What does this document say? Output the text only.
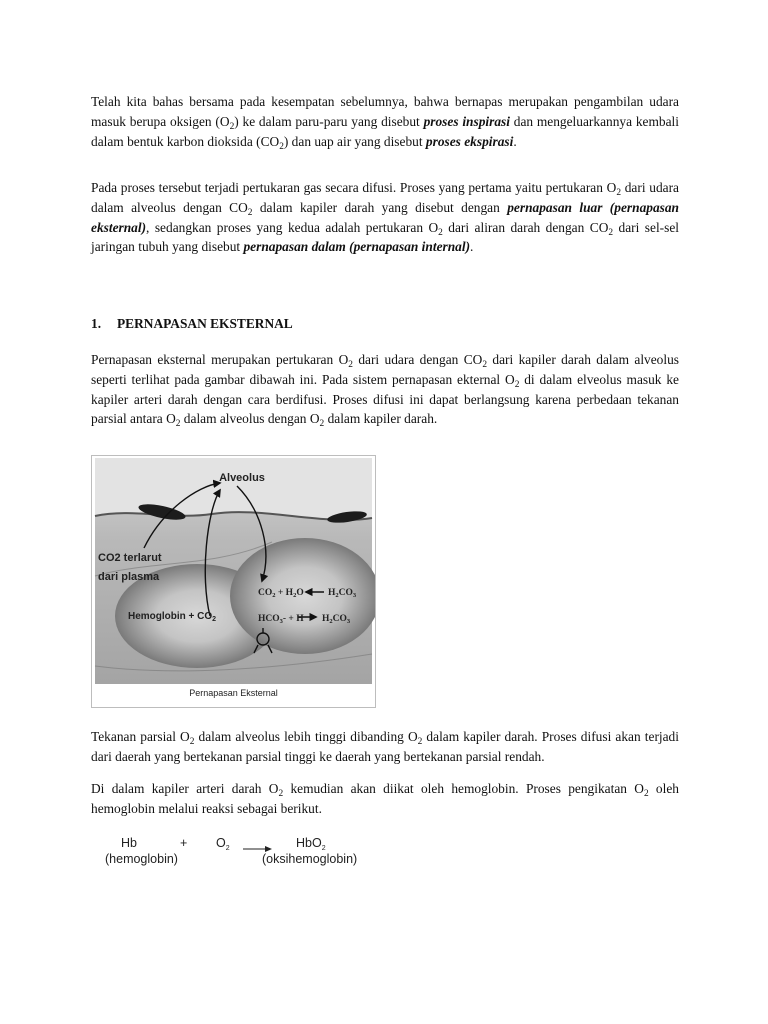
Telah kita bahas bersama pada kesempatan sebelumnya, bahwa bernapas merupakan pengambilan udara masuk berupa oksigen $(O_2)$ ke dalam paru-paru yang disebut proses inspirasi dan mengeluarkannya kembali dalam bentuk karbon dioksida $(CO_2)$ dan uap air yang disebut proses ekspirasi.

Pada proses tersebut terjadi pertukaran gas secara difusi. Proses yang pertama yaitu pertukaran $O_2$ dari udara dalam alveolus dengan $CO_2$ dalam kapiler darah yang disebut dengan pernapasan luar (pernapasan eksternal), sedangkan proses yang kedua adalah pertukaran $O_2$ dari aliran darah dengan $CO_2$ dari sel-sel jaringan tubuh yang disebut pernapasan dalam (pernapasan internal).

1. PERNAPASAN EKSTERNAL

Pernapasan eksternal merupakan pertukaran $O_2$ dari udara dengan $CO_2$ dari kapiler darah dalam alveolus seperti terlihat pada gambar dibawah ini. Pada sistem pernapasan ekternal $O_2$ di dalam elveolus masuk ke kapiler arteri darah dengan cara berdifusi. Proses difusi ini dapat berlangsung karena perbedaan tekanan parsial antara $O_2$ dalam alveolus dengan $O_2$ dalam kapiler darah.

Alveolus
CO2 terlarut
dari plasma
Hemoglobin + $CO_2$
$CO_2 + H_2O$	$H_2CO_3$
$HCO_3- + H$ $H_2CO_3$
Pernapasan Eksternal

Tekanan parsial $O_2$ dalam alveolus lebih tinggi dibanding $O_2$ dalam kapiler darah. Proses difusi akan terjadi dari daerah yang bertekanan parsial tinggi ke daerah yang bertekanan parsial rendah.

Di dalam kapiler arteri darah $O_2$ kemudian akan diikat oleh hemoglobin. Proses pengikatan $O_2$ oleh hemoglobin melalui reaksi sebagai berikut.

Hb	+ $O_2 \to HbO_2$
(hemoglobin)	(oksihemoglobin)
